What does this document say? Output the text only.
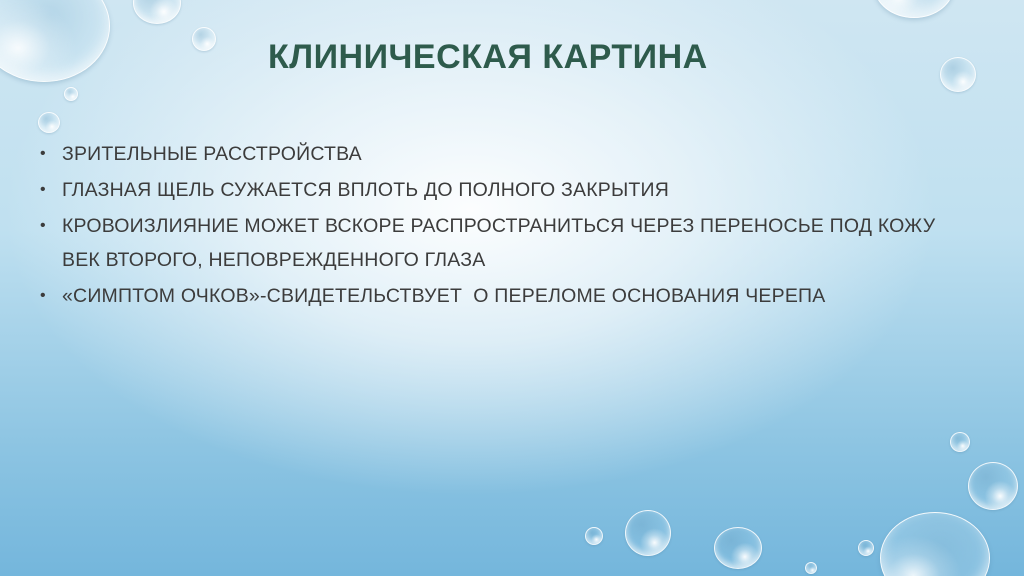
КЛИНИЧЕСКАЯ КАРТИНА
• ЗРИТЕЛЬНЫЕ РАССТРОЙСТВА
• ГЛАЗНАЯ ЩЕЛЬ СУЖАЕТСЯ ВПЛОТЬ ДО ПОЛНОГО ЗАКРЫТИЯ
• КРОВОИЗЛИЯНИЕ МОЖЕТ ВСКОРЕ РАСПРОСТРАНИТЬСЯ ЧЕРЕЗ ПЕРЕНОСЬЕ ПОД КОЖУ ВЕК ВТОРОГО, НЕПОВРЕЖДЕННОГО ГЛАЗА
• «СИМПТОМ ОЧКОВ»-СВИДЕТЕЛЬСТВУЕТ  О ПЕРЕЛОМЕ ОСНОВАНИЯ ЧЕРЕПА
